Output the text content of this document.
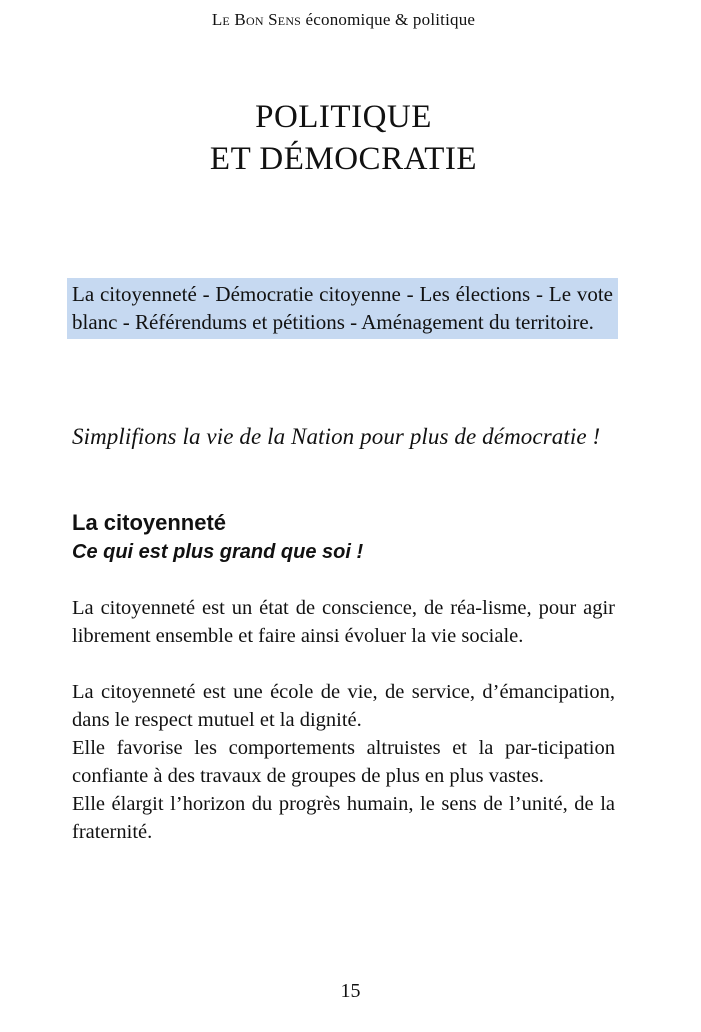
Le Bon Sens économique & politique
POLITIQUE
ET DÉMOCRATIE
La citoyenneté - Démocratie citoyenne - Les élections - Le vote blanc - Référendums et pétitions - Aménagement du territoire.
Simplifions la vie de la Nation pour plus de démocratie !
La citoyenneté
Ce qui est plus grand que soi !

La citoyenneté est un état de conscience, de réa-lisme, pour agir librement ensemble et faire ainsi évoluer la vie sociale.

La citoyenneté est une école de vie, de service, d’émancipation, dans le respect mutuel et la dignité.

Elle favorise les comportements altruistes et la par-ticipation confiante à des travaux de groupes de plus en plus vastes.

Elle élargit l’horizon du progrès humain, le sens de l’unité, de la fraternité.

15
